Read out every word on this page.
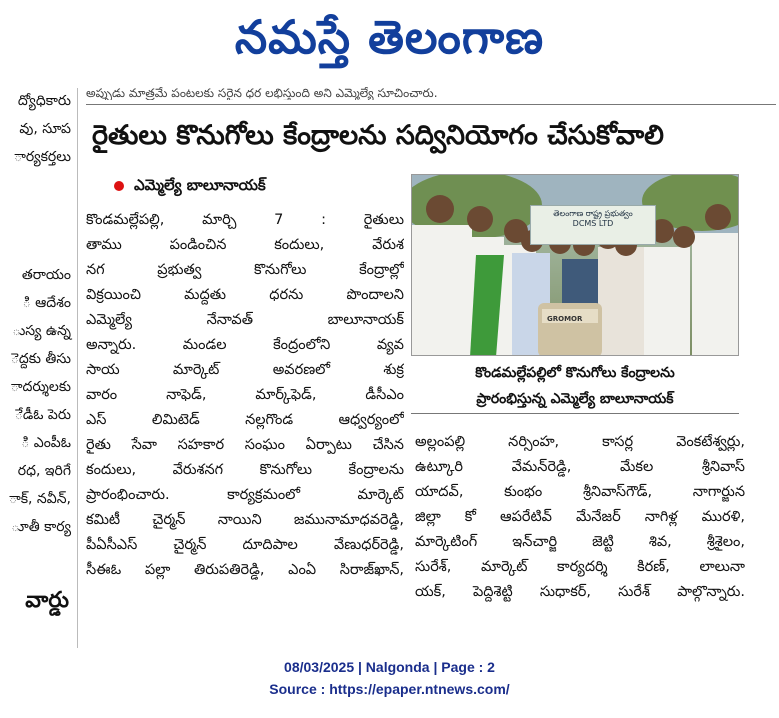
నమస్తే తెలంగాణ
ద్యోధికారు
వు, సూప
ార్యకర్తలు
తరాయం
ి ఆదేశం
ుస్య ఉన్న
ెద్దకు తీసు
ాదర్శులకు
ేడీఓ పెరు
ి ఎంపీఓ
రధ, ఇరిగే
ాక్, నవీన్,
ూతీ కార్య
వార్డు
అప్పుడు మాత్రమే పంటలకు సరైన ధర లభిస్తుంది అని ఎమ్మెల్యే సూచించారు.
రైతులు కొనుగోలు కేంద్రాలను సద్వినియోగం చేసుకోవాలి
ఎమ్మెల్యే బాలూనాయక్
కొండమల్లేపల్లి, మార్చి 7 : రైతులు
తాము పండించిన కందులు, వేరుశ
నగ ప్రభుత్వ కొనుగోలు కేంద్రాల్లో
విక్రయించి మద్దతు ధరను పొందాలని
ఎమ్మెల్యే నేనావత్ బాలూనాయక్
అన్నారు. మండల కేంద్రంలోని వ్యవ
సాయ మార్కెట్ అవరణలో శుక్ర
వారం నాఫెడ్, మార్క్‌ఫెడ్, డీసీఎం
ఎస్ లిమిటెడ్ నల్లగొండ ఆధ్వర్యంలో
రైతు సేవా సహకార సంఘం ఏర్పాటు చేసిన
కందులు, వేరుశనగ కొనుగోలు కేంద్రాలను
ప్రారంభించారు. కార్యక్రమంలో మార్కెట్
కమిటీ చైర్మన్ నాయిని జమునామాధవరెడ్డి,
పీఏసీఎస్ చైర్మన్ దూదిపాల వేణుధర్‌రెడ్డి,
సీఈఓ పల్లా తిరుపతిరెడ్డి, ఎంఏ సిరాజ్‌ఖాన్,
తెలంగాణ రాష్ట్ర ప్రభుత్వం
DCMS LTD
GROMOR
కొండమల్లేపల్లిలో కొనుగోలు కేంద్రాలను
ప్రారంభిస్తున్న ఎమ్మెల్యే బాలూనాయక్
అల్లంపల్లి నర్సింహ, కాసర్ల వెంకటేశ్వర్లు,
ఉట్కూరి వేమన్‌రెడ్డి, మేకల శ్రీనివాస్
యాదవ్, కుంభం శ్రీనివాస్‌గౌడ్, నాగార్జున
జిల్లా కో ఆపరేటివ్ మేనేజర్ నాగిళ్ల మురళి,
మార్కెటింగ్ ఇన్‌చార్జి జెట్టి శివ, శ్రీశైలం,
సురేశ్, మార్కెట్ కార్యదర్శి కిరణ్, లాలునా
యక్, పెద్దిశెట్టి సుధాకర్, సురేశ్ పాల్గొన్నారు.
08/03/2025 | Nalgonda | Page : 2
Source : https://epaper.ntnews.com/
